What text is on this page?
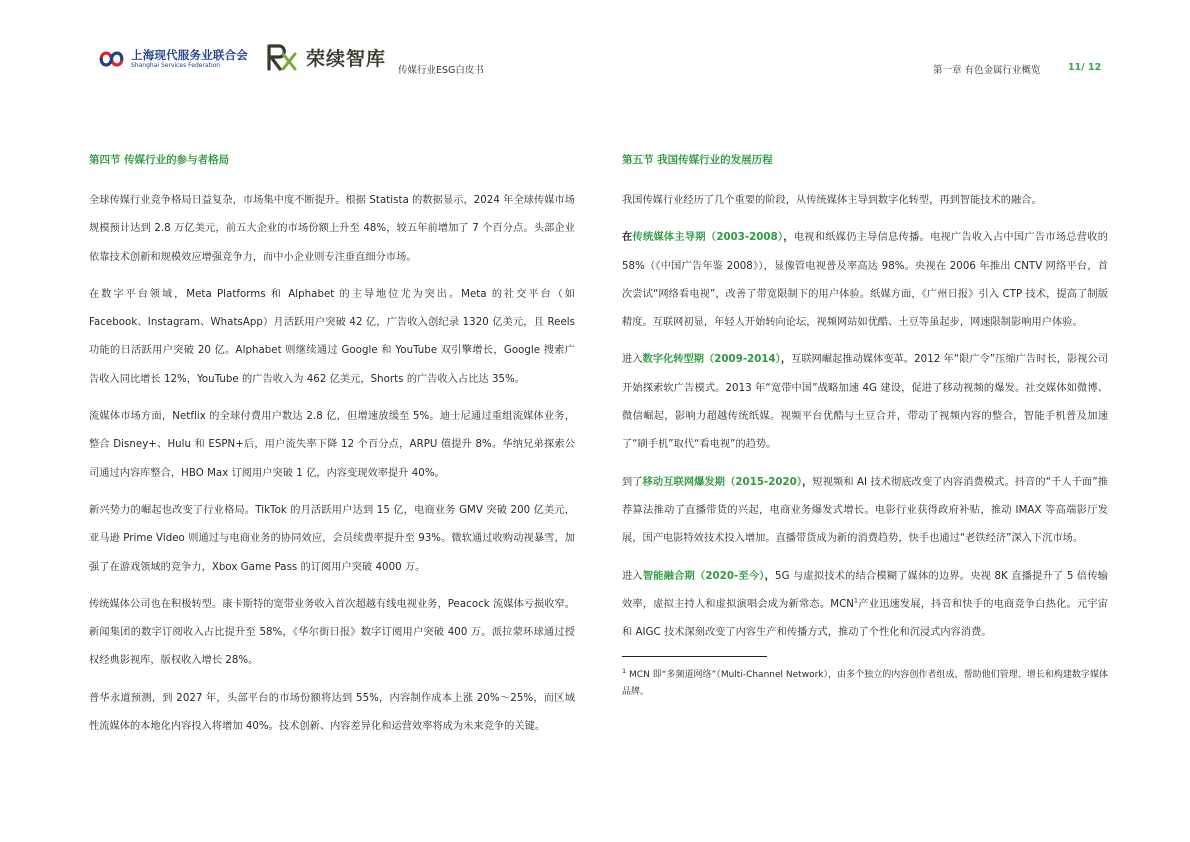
上海现代服务业联合会
Shanghai Services Federation	荣续智库
传媒行业ESG白皮书	第一章 有色金属行业概览	11/ 12
第四节 传媒行业的参与者格局

全球传媒行业竞争格局日益复杂，市场集中度不断提升。根据 Statista 的数据显示，2024 年全球传媒市场规模预计达到 2.8 万亿美元，前五大企业的市场份额上升至 48%，较五年前增加了 7 个百分点。头部企业依靠技术创新和规模效应增强竞争力，而中小企业则专注垂直细分市场。

在数字平台领域，Meta Platforms 和 Alphabet 的主导地位尤为突出。Meta 的社交平台（如 Facebook、Instagram、WhatsApp）月活跃用户突破 42 亿，广告收入创纪录 1320 亿美元，且 Reels 功能的日活跃用户突破 20 亿。Alphabet 则继续通过 Google 和 YouTube 双引擎增长，Google 搜索广告收入同比增长 12%，YouTube 的广告收入为 462 亿美元，Shorts 的广告收入占比达 35%。

流媒体市场方面，Netflix 的全球付费用户数达 2.8 亿，但增速放缓至 5%。迪士尼通过重组流媒体业务，整合 Disney+、Hulu 和 ESPN+后，用户流失率下降 12 个百分点，ARPU 值提升 8%。华纳兄弟探索公司通过内容库整合，HBO Max 订阅用户突破 1 亿，内容变现效率提升 40%。

新兴势力的崛起也改变了行业格局。TikTok 的月活跃用户达到 15 亿，电商业务 GMV 突破 200 亿美元，亚马逊 Prime Video 则通过与电商业务的协同效应，会员续费率提升至 93%。微软通过收购动视暴雪，加强了在游戏领域的竞争力，Xbox Game Pass 的订阅用户突破 4000 万。

传统媒体公司也在积极转型。康卡斯特的宽带业务收入首次超越有线电视业务，Peacock 流媒体亏损收窄。新闻集团的数字订阅收入占比提升至 58%，《华尔街日报》数字订阅用户突破 400 万。派拉蒙环球通过授权经典影视库，版权收入增长 28%。

普华永道预测，到 2027 年，头部平台的市场份额将达到 55%，内容制作成本上涨 20%〜25%，而区域性流媒体的本地化内容投入将增加 40%。技术创新、内容差异化和运营效率将成为未来竞争的关键。

第五节 我国传媒行业的发展历程

我国传媒行业经历了几个重要的阶段，从传统媒体主导到数字化转型，再到智能技术的融合。

在传统媒体主导期（2003-2008），电视和纸媒仍主导信息传播。电视广告收入占中国广告市场总营收的 58%（《中国广告年鉴 2008》），显像管电视普及率高达 98%。央视在 2006 年推出 CNTV 网络平台，首次尝试“网络看电视”，改善了带宽限制下的用户体验。纸媒方面，《广州日报》引入 CTP 技术，提高了制版精度。互联网初显，年轻人开始转向论坛，视频网站如优酷、土豆等虽起步，网速限制影响用户体验。

进入数字化转型期（2009-2014），互联网崛起推动媒体变革。2012 年“限广令”压缩广告时长，影视公司开始探索软广告模式。2013 年“宽带中国”战略加速 4G 建设，促进了移动视频的爆发。社交媒体如微博、微信崛起，影响力超越传统纸媒。视频平台优酷与土豆合并，带动了视频内容的整合，智能手机普及加速了“刷手机”取代“看电视”的趋势。

到了移动互联网爆发期（2015-2020），短视频和 AI 技术彻底改变了内容消费模式。抖音的“千人千面”推荐算法推动了直播带货的兴起，电商业务爆发式增长。电影行业获得政府补贴，推动 IMAX 等高端影厅发展，国产电影特效技术投入增加。直播带货成为新的消费趋势，快手也通过“老铁经济”深入下沉市场。

进入智能融合期（2020-至今），5G 与虚拟技术的结合模糊了媒体的边界。央视 8K 直播提升了 5 倍传输效率，虚拟主持人和虚拟演唱会成为新常态。MCN$^1$产业迅速发展，抖音和快手的电商竞争白热化。元宇宙和 AIGC 技术深刻改变了内容生产和传播方式，推动了个性化和沉浸式内容消费。

$^1$ MCN 即“多频道网络”（Multi-Channel Network），由多个独立的内容创作者组成，帮助他们管理、增长和构建数字媒体品牌。
